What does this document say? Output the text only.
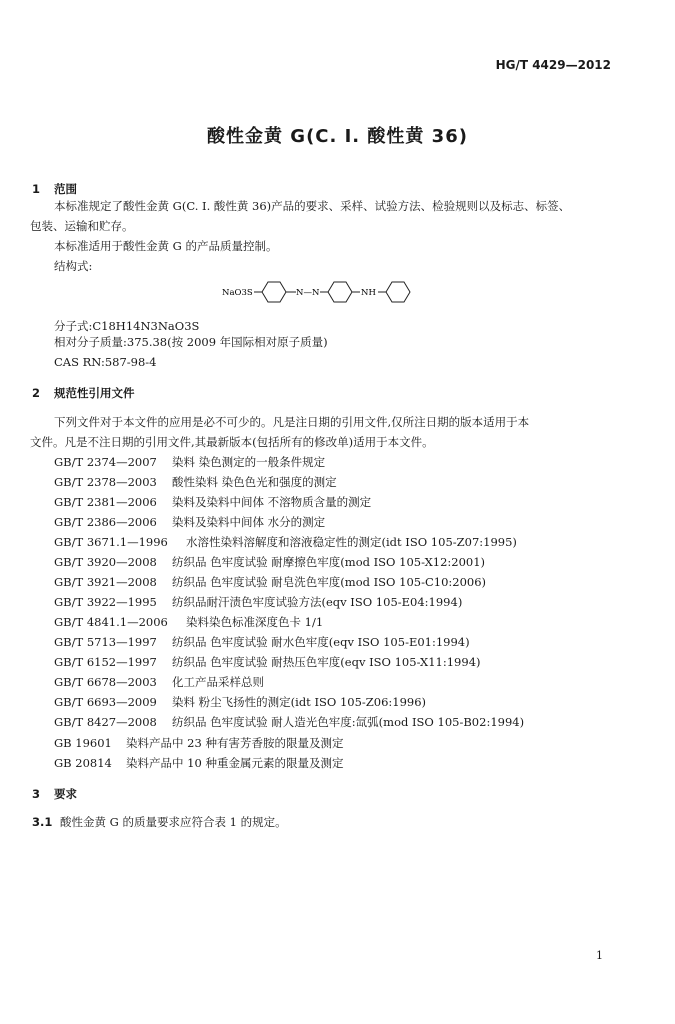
HG/T 4429—2012
酸性金黄 G(C. I. 酸性黄 36)
1 范围
本标准规定了酸性金黄 G(C. I. 酸性黄 36)产品的要求、采样、试验方法、检验规则以及标志、标签、
包装、运输和贮存。
本标准适用于酸性金黄 G 的产品质量控制。
结构式:
NaO3S	N—N	NH
分子式:C18H14N3NaO3S
相对分子质量:375.38(按 2009 年国际相对原子质量)
CAS RN:587-98-4
2 规范性引用文件
下列文件对于本文件的应用是必不可少的。凡是注日期的引用文件,仅所注日期的版本适用于本
文件。凡是不注日期的引用文件,其最新版本(包括所有的修改单)适用于本文件。
GB/T 2374—2007 染料 染色测定的一般条件规定
GB/T 2378—2003 酸性染料 染色色光和强度的测定
GB/T 2381—2006 染料及染料中间体 不溶物质含量的测定
GB/T 2386—2006 染料及染料中间体 水分的测定
GB/T 3671.1—1996 水溶性染料溶解度和溶液稳定性的测定(idt ISO 105-Z07:1995)
GB/T 3920—2008 纺织品 色牢度试验 耐摩擦色牢度(mod ISO 105-X12:2001)
GB/T 3921—2008 纺织品 色牢度试验 耐皂洗色牢度(mod ISO 105-C10:2006)
GB/T 3922—1995 纺织品耐汗渍色牢度试验方法(eqv ISO 105-E04:1994)
GB/T 4841.1—2006 染料染色标准深度色卡 1/1
GB/T 5713—1997 纺织品 色牢度试验 耐水色牢度(eqv ISO 105-E01:1994)
GB/T 6152—1997 纺织品 色牢度试验 耐热压色牢度(eqv ISO 105-X11:1994)
GB/T 6678—2003 化工产品采样总则
GB/T 6693—2009 染料 粉尘飞扬性的测定(idt ISO 105-Z06:1996)
GB/T 8427—2008 纺织品 色牢度试验 耐人造光色牢度:氙弧(mod ISO 105-B02:1994)
GB 19601 染料产品中 23 种有害芳香胺的限量及测定
GB 20814 染料产品中 10 种重金属元素的限量及测定
3 要求
3.1 酸性金黄 G 的质量要求应符合表 1 的规定。
1
